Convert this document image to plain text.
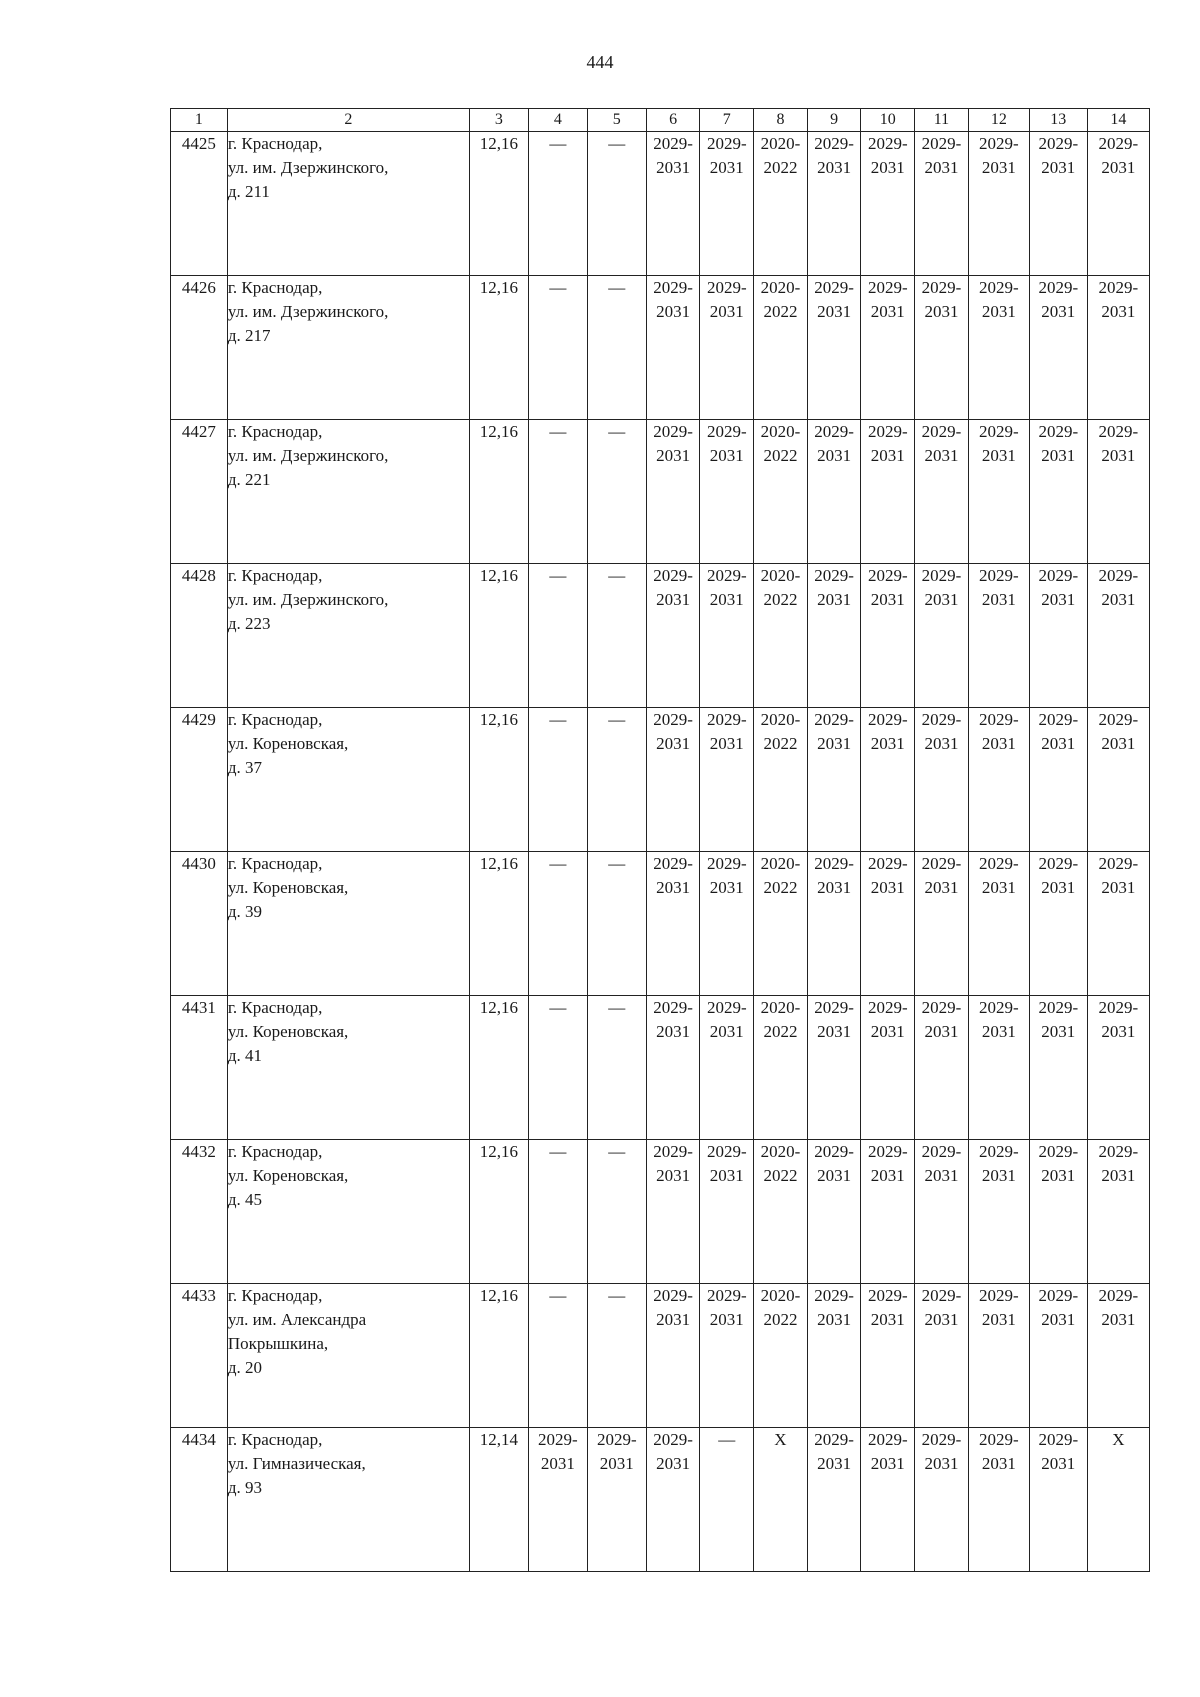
444
1	2	3	4	5	6	7	8	9	10	11	12	13	14
4425	г. Краснодар,
ул. им. Дзержинского,
д. 211	12,16	—	—	2029-
2031	2029-
2031	2020-
2022	2029-
2031	2029-
2031	2029-
2031	2029-
2031	2029-
2031	2029-
2031
4426	г. Краснодар,
ул. им. Дзержинского,
д. 217	12,16	—	—	2029-
2031	2029-
2031	2020-
2022	2029-
2031	2029-
2031	2029-
2031	2029-
2031	2029-
2031	2029-
2031
4427	г. Краснодар,
ул. им. Дзержинского,
д. 221	12,16	—	—	2029-
2031	2029-
2031	2020-
2022	2029-
2031	2029-
2031	2029-
2031	2029-
2031	2029-
2031	2029-
2031
4428	г. Краснодар,
ул. им. Дзержинского,
д. 223	12,16	—	—	2029-
2031	2029-
2031	2020-
2022	2029-
2031	2029-
2031	2029-
2031	2029-
2031	2029-
2031	2029-
2031
4429	г. Краснодар,
ул. Кореновская,
д. 37	12,16	—	—	2029-
2031	2029-
2031	2020-
2022	2029-
2031	2029-
2031	2029-
2031	2029-
2031	2029-
2031	2029-
2031
4430	г. Краснодар,
ул. Кореновская,
д. 39	12,16	—	—	2029-
2031	2029-
2031	2020-
2022	2029-
2031	2029-
2031	2029-
2031	2029-
2031	2029-
2031	2029-
2031
4431	г. Краснодар,
ул. Кореновская,
д. 41	12,16	—	—	2029-
2031	2029-
2031	2020-
2022	2029-
2031	2029-
2031	2029-
2031	2029-
2031	2029-
2031	2029-
2031
4432	г. Краснодар,
ул. Кореновская,
д. 45	12,16	—	—	2029-
2031	2029-
2031	2020-
2022	2029-
2031	2029-
2031	2029-
2031	2029-
2031	2029-
2031	2029-
2031
4433	г. Краснодар,
ул. им. Александра
Покрышкина,
д. 20	12,16	—	—	2029-
2031	2029-
2031	2020-
2022	2029-
2031	2029-
2031	2029-
2031	2029-
2031	2029-
2031	2029-
2031
4434	г. Краснодар,
ул. Гимназическая,
д. 93	12,14	2029-
2031	2029-
2031	2029-
2031	—	Х	2029-
2031	2029-
2031	2029-
2031	2029-
2031	2029-
2031	Х
